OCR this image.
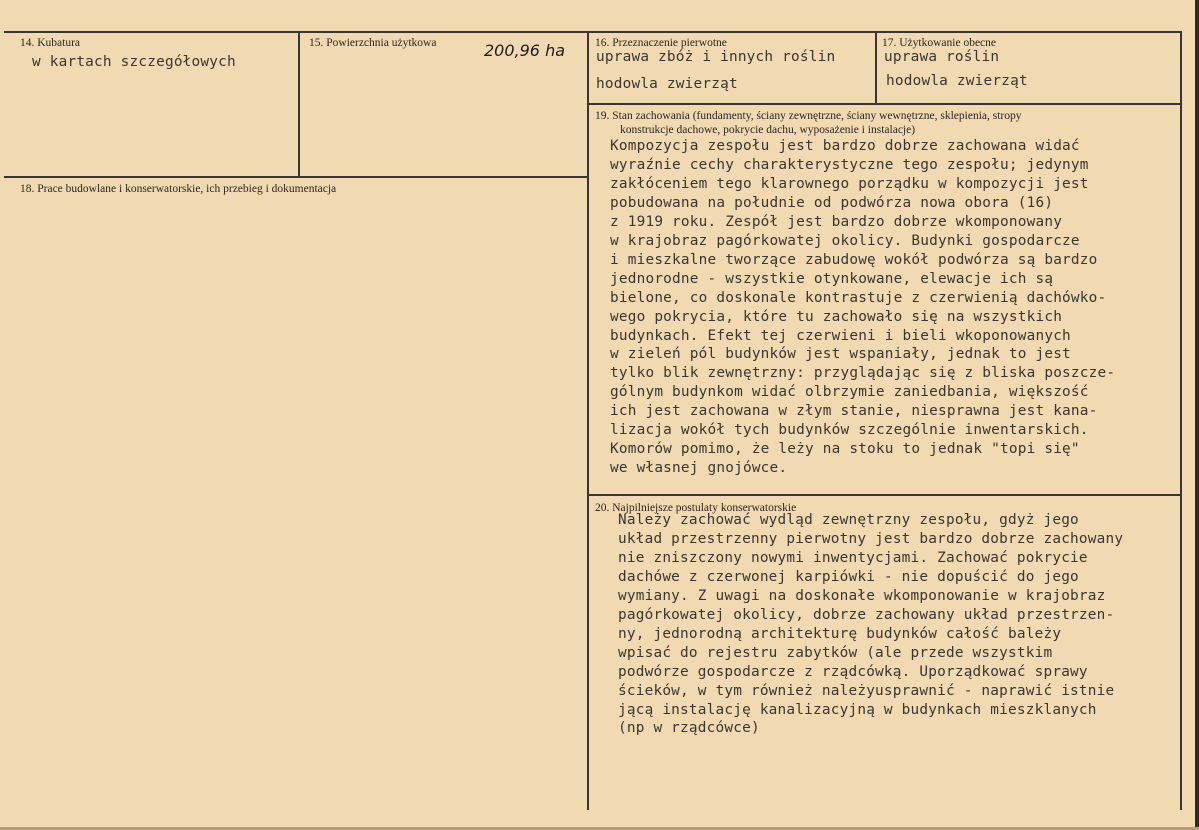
14. Kubatura
w kartach szczegółowych
15. Powierzchnia użytkowa	200,96 ha	16. Przeznaczenie pierwotne
uprawa zbóż i innych roślin
hodowla zwierząt
17. Użytkowanie obecne
uprawa roślin
hodowla zwierząt
18. Prace budowlane i konserwatorskie, ich przebieg i dokumentacja
19. Stan zachowania (fundamenty, ściany zewnętrzne, ściany wewnętrzne, sklepienia, stropy
konstrukcje dachowe, pokrycie dachu, wyposażenie i instalacje)
Kompozycja zespołu jest bardzo dobrze zachowana widać
wyraźnie cechy charakterystyczne tego zespołu; jedynym
zakłóceniem tego klarownego porządku w kompozycji jest
pobudowana na południe od podwórza nowa obora (16)
z 1919 roku. Zespół jest bardzo dobrze wkomponowany
w krajobraz pagórkowatej okolicy. Budynki gospodarcze
i mieszkalne tworzące zabudowę wokół podwórza są bardzo
jednorodne - wszystkie otynkowane, elewacje ich są
bielone, co doskonale kontrastuje z czerwienią dachówko-
wego pokrycia, które tu zachowało się na wszystkich
budynkach. Efekt tej czerwieni i bieli wkoponowanych
w zieleń pól budynków jest wspaniały, jednak to jest
tylko blik zewnętrzny: przyglądając się z bliska poszcze-
gólnym budynkom widać olbrzymie zaniedbania, większość
ich jest zachowana w złym stanie, niesprawna jest kana-
lizacja wokół tych budynków szczególnie inwentarskich.
Komorów pomimo, że leży na stoku to jednak "topi się"
we własnej gnojówce.
20. Najpilniejsze postulaty konserwatorskie
Należy zachować wydląd zewnętrzny zespołu, gdyż jego
układ przestrzenny pierwotny jest bardzo dobrze zachowany
nie zniszczony nowymi inwentycjami. Zachować pokrycie
dachówe z czerwonej karpiówki - nie dopuścić do jego
wymiany. Z uwagi na doskonałe wkomponowanie w krajobraz
pagórkowatej okolicy, dobrze zachowany układ przestrzen-
ny, jednorodną architekturę budynków całość bależy
wpisać do rejestru zabytków (ale przede wszystkim
podwórze gospodarcze z rządcówką. Uporządkować sprawy
ścieków, w tym również należyusprawnić - naprawić istnie
jącą instalację kanalizacyjną w budynkach mieszklanych
(np w rządcówce)
